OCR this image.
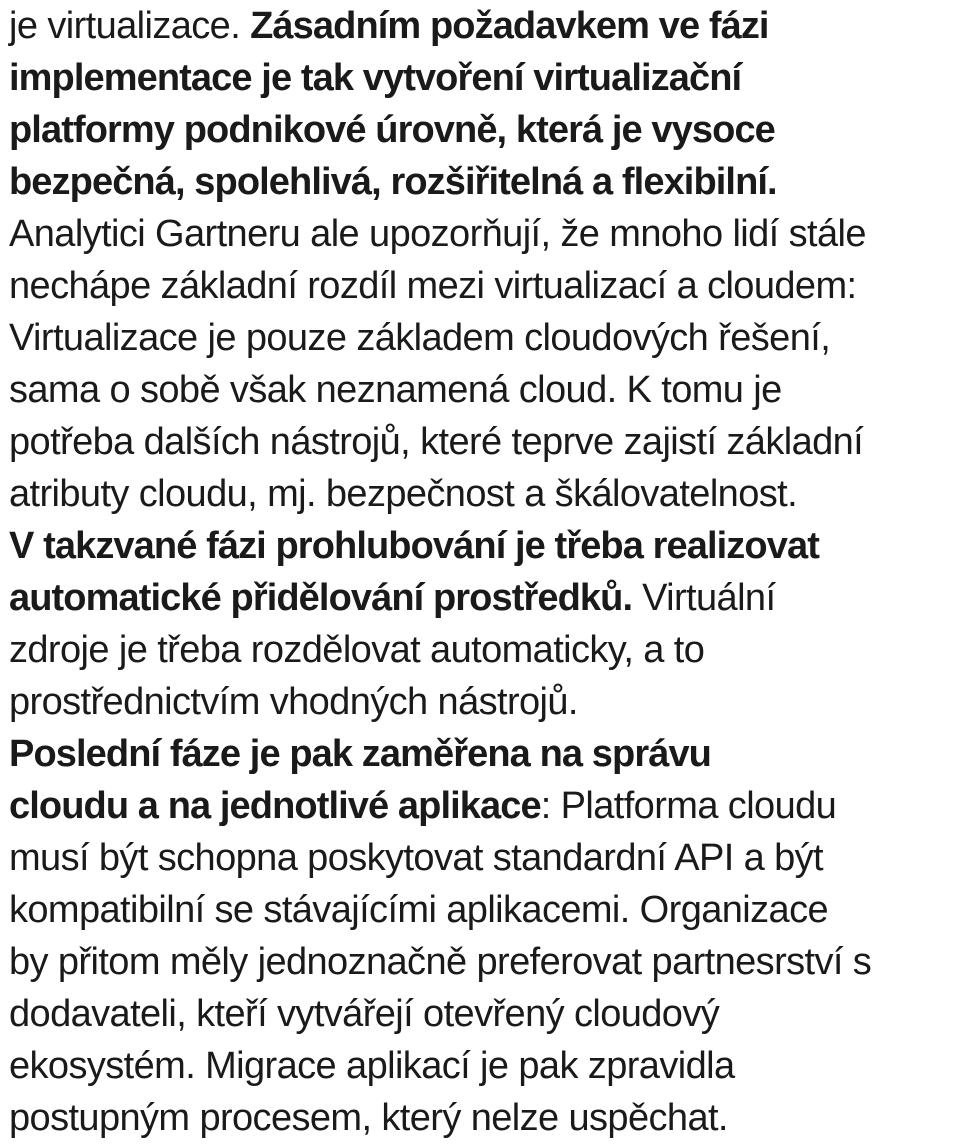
je virtualizace. Zásadním požadavkem ve fázi
implementace je tak vytvoření virtualizační
platformy podnikové úrovně, která je vysoce
bezpečná, spolehlivá, rozšiřitelná a flexibilní.
Analytici Gartneru ale upozorňují, že mnoho lidí stále
nechápe základní rozdíl mezi virtualizací a cloudem:
Virtualizace je pouze základem cloudových řešení,
sama o sobě však neznamená cloud. K tomu je
potřeba dalších nástrojů, které teprve zajistí základní
atributy cloudu, mj. bezpečnost a škálovatelnost.
V takzvané fázi prohlubování je třeba realizovat
automatické přidělování prostředků. Virtuální
zdroje je třeba rozdělovat automaticky, a to
prostřednictvím vhodných nástrojů.
Poslední fáze je pak zaměřena na správu
cloudu a na jednotlivé aplikace: Platforma cloudu
musí být schopna poskytovat standardní API a být
kompatibilní se stávajícími aplikacemi. Organizace
by přitom měly jednoznačně preferovat partnesrství s
dodavateli, kteří vytvářejí otevřený cloudový
ekosystém. Migrace aplikací je pak zpravidla
postupným procesem, který nelze uspěchat.
